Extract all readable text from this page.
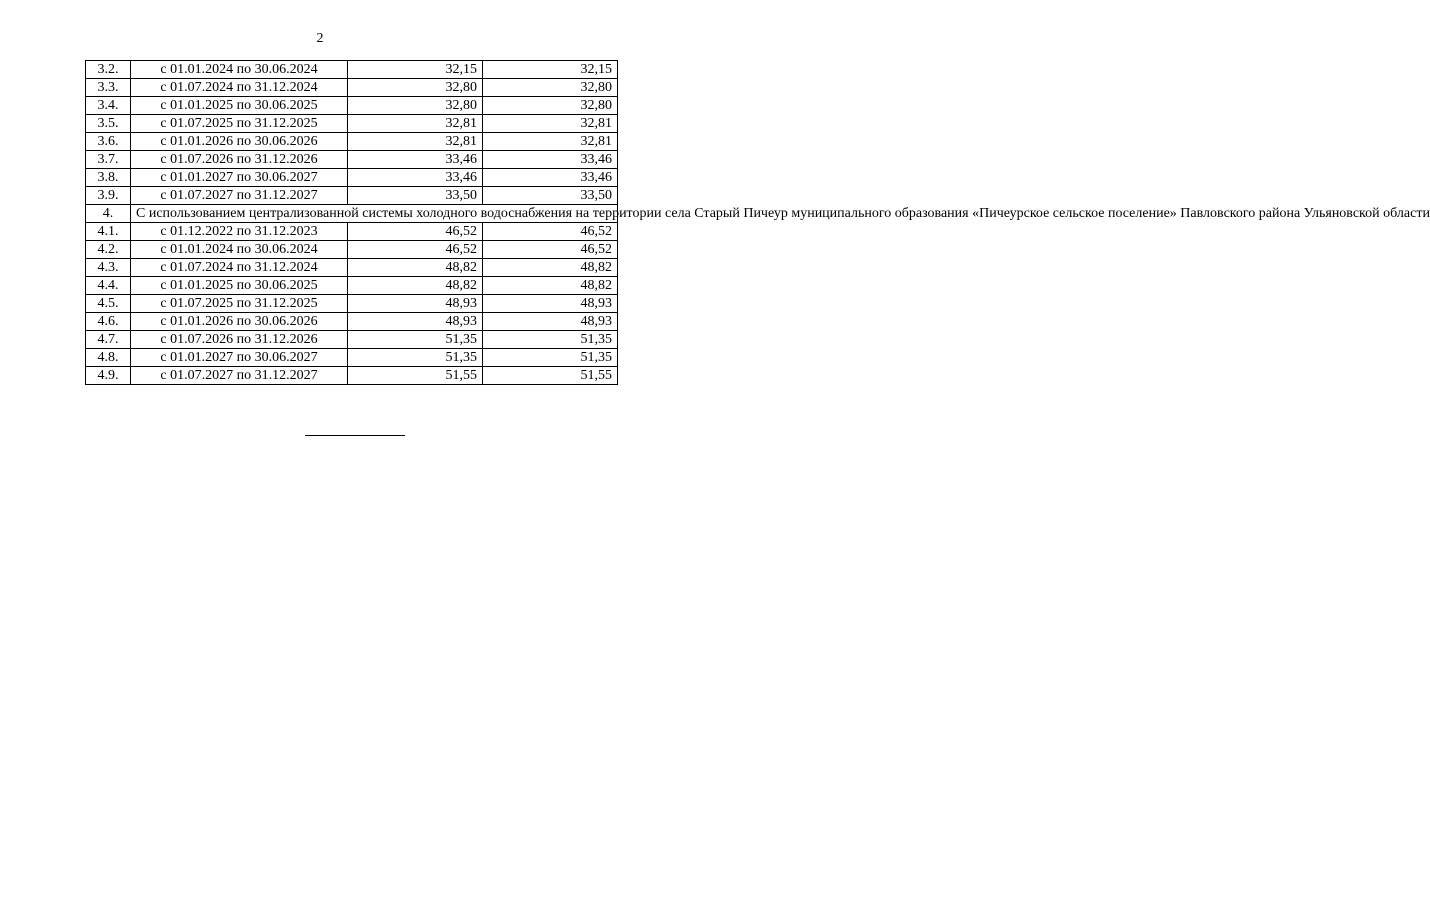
2
3.2.	с 01.01.2024 по 30.06.2024	32,15	32,15
3.3.	с 01.07.2024 по 31.12.2024	32,80	32,80
3.4.	с 01.01.2025 по 30.06.2025	32,80	32,80
3.5.	с 01.07.2025 по 31.12.2025	32,81	32,81
3.6.	с 01.01.2026 по 30.06.2026	32,81	32,81
3.7.	с 01.07.2026 по 31.12.2026	33,46	33,46
3.8.	с 01.01.2027 по 30.06.2027	33,46	33,46
3.9.	с 01.07.2027 по 31.12.2027	33,50	33,50
4.	С использованием централизованной системы холодного водоснабжения на территории села Старый Пичеур муниципального образования «Пичеурское сельское поселение» Павловского района Ульяновской области		
4.1.	с 01.12.2022 по 31.12.2023	46,52	46,52
4.2.	с 01.01.2024 по 30.06.2024	46,52	46,52
4.3.	с 01.07.2024 по 31.12.2024	48,82	48,82
4.4.	с 01.01.2025 по 30.06.2025	48,82	48,82
4.5.	с 01.07.2025 по 31.12.2025	48,93	48,93
4.6.	с 01.01.2026 по 30.06.2026	48,93	48,93
4.7.	с 01.07.2026 по 31.12.2026	51,35	51,35
4.8.	с 01.01.2027 по 30.06.2027	51,35	51,35
4.9.	с 01.07.2027 по 31.12.2027	51,55	51,55
